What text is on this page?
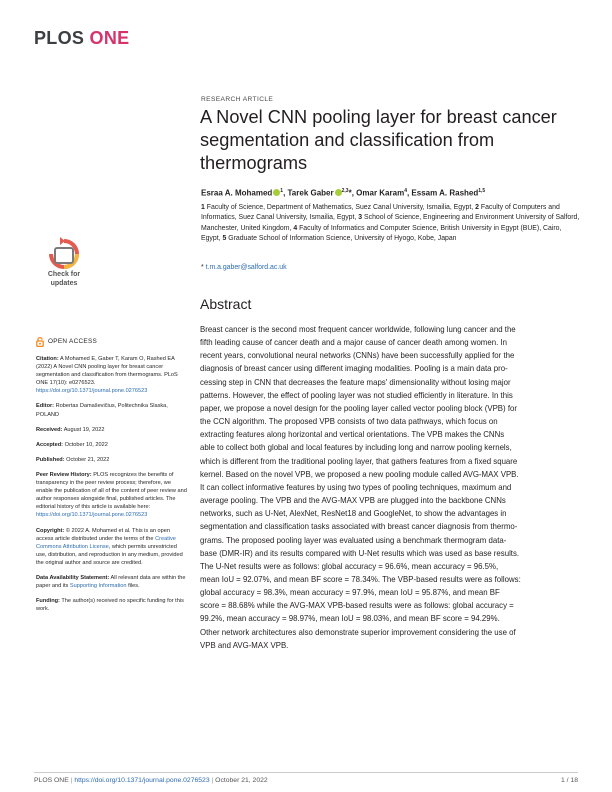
PLOS ONE
RESEARCH ARTICLE
A Novel CNN pooling layer for breast cancer segmentation and classification from thermograms
Esraa A. Mohamed $^1$, Tarek Gaber $^{2,3}$*, Omar Karam$^4$, Essam A. Rashed$^{1,5}$
1 Faculty of Science, Department of Mathematics, Suez Canal University, Ismailia, Egypt, 2 Faculty of Computers and Informatics, Suez Canal University, Ismailia, Egypt, 3 School of Science, Engineering and Environment University of Salford, Manchester, United Kingdom, 4 Faculty of Informatics and Computer Science, British University in Egypt (BUE), Cairo, Egypt, 5 Graduate School of Information Science, University of Hyogo, Kobe, Japan
* t.m.a.gaber@salford.ac.uk
Check for
updates
Abstract
Breast cancer is the second most frequent cancer worldwide, following lung cancer and the
fifth leading cause of cancer death and a major cause of cancer death among women. In
recent years, convolutional neural networks (CNNs) have been successfully applied for the
diagnosis of breast cancer using different imaging modalities. Pooling is a main data pro-
cessing step in CNN that decreases the feature maps' dimensionality without losing major
patterns. However, the effect of pooling layer was not studied efficiently in literature. In this
paper, we propose a novel design for the pooling layer called vector pooling block (VPB) for
the CCN algorithm. The proposed VPB consists of two data pathways, which focus on
extracting features along horizontal and vertical orientations. The VPB makes the CNNs
able to collect both global and local features by including long and narrow pooling kernels,
which is different from the traditional pooling layer, that gathers features from a fixed square
kernel. Based on the novel VPB, we proposed a new pooling module called AVG-MAX VPB.
It can collect informative features by using two types of pooling techniques, maximum and
average pooling. The VPB and the AVG-MAX VPB are plugged into the backbone CNNs
networks, such as U-Net, AlexNet, ResNet18 and GoogleNet, to show the advantages in
segmentation and classification tasks associated with breast cancer diagnosis from thermo-
grams. The proposed pooling layer was evaluated using a benchmark thermogram data-
base (DMR-IR) and its results compared with U-Net results which was used as base results.
The U-Net results were as follows: global accuracy = 96.6%, mean accuracy = 96.5%,
mean IoU = 92.07%, and mean BF score = 78.34%. The VBP-based results were as follows:
global accuracy = 98.3%, mean accuracy = 97.9%, mean IoU = 95.87%, and mean BF
score = 88.68% while the AVG-MAX VPB-based results were as follows: global accuracy =
99.2%, mean accuracy = 98.97%, mean IoU = 98.03%, and mean BF score = 94.29%.
Other network architectures also demonstrate superior improvement considering the use of
VPB and AVG-MAX VPB.
OPEN ACCESS
Citation: A Mohamed E, Gaber T, Karam O, Rashed EA (2022) A Novel CNN pooling layer for breast cancer segmentation and classification from thermograms. PLoS ONE 17(10): e0276523. https://doi.org/10.1371/journal.pone.0276523
Editor: Robertas Damaševičius, Politechnika Slaska, POLAND
Received: August 19, 2022
Accepted: October 10, 2022
Published: October 21, 2022
Peer Review History: PLOS recognizes the benefits of transparency in the peer review process; therefore, we enable the publication of all of the content of peer review and author responses alongside final, published articles. The editorial history of this article is available here: https://doi.org/10.1371/journal.pone.0276523
Copyright: © 2022 A. Mohamed et al. This is an open access article distributed under the terms of the Creative Commons Attribution License, which permits unrestricted use, distribution, and reproduction in any medium, provided the original author and source are credited.
Data Availability Statement: All relevant data are within the paper and its Supporting Information files.
Funding: The author(s) received no specific funding for this work.
PLOS ONE | https://doi.org/10.1371/journal.pone.0276523 | October 21, 2022	1 / 18
